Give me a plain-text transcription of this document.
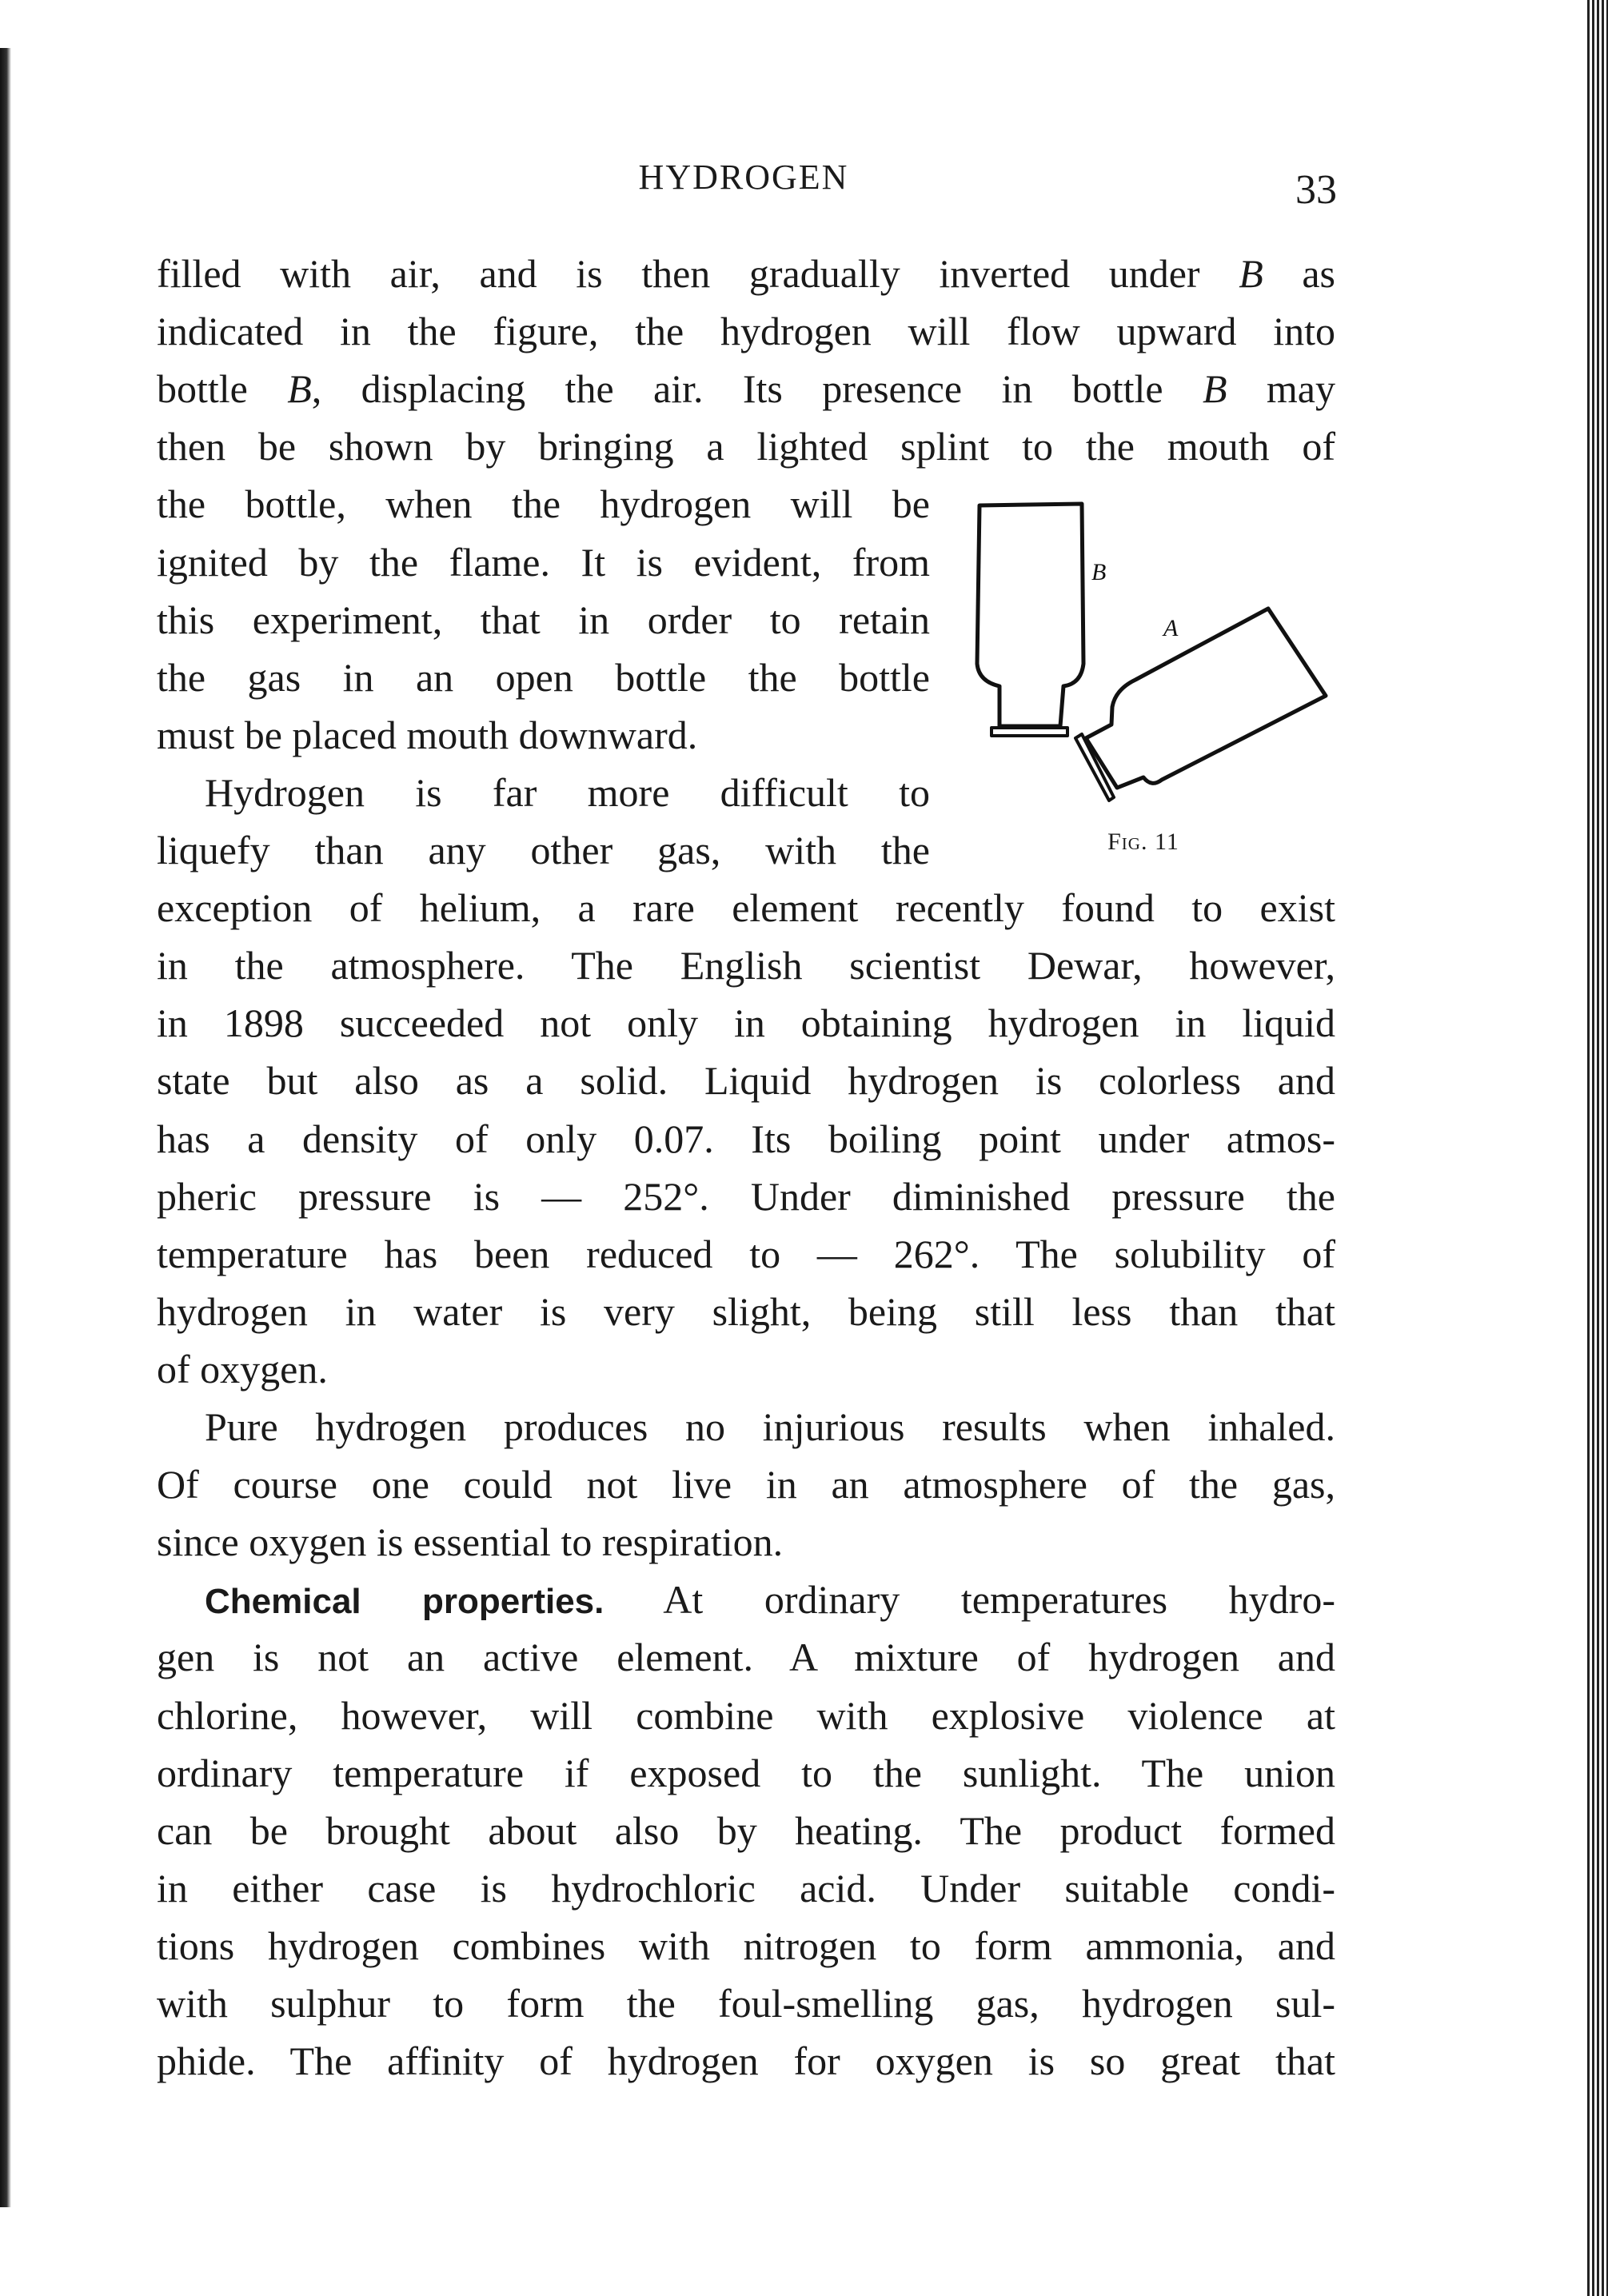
HYDROGEN	33
filled with air, and is then gradually inverted under B as
indicated in the figure, the hydrogen will flow upward into
bottle B, displacing the air. Its presence in bottle B may
then be shown by bringing a lighted splint to the mouth of
the bottle, when the hydrogen will be
ignited by the flame. It is evident, from
this experiment, that in order to retain
the gas in an open bottle the bottle
must be placed mouth downward.
Hydrogen is far more difficult to
liquefy than any other gas, with the
exception of helium, a rare element recently found to exist
in the atmosphere. The English scientist Dewar, however,
in 1898 succeeded not only in obtaining hydrogen in liquid
state but also as a solid. Liquid hydrogen is colorless and
has a density of only 0.07. Its boiling point under atmos-
pheric pressure is — 252°. Under diminished pressure the
temperature has been reduced to — 262°. The solubility of
hydrogen in water is very slight, being still less than that
of oxygen.
Pure hydrogen produces no injurious results when inhaled.
Of course one could not live in an atmosphere of the gas,
since oxygen is essential to respiration.
Chemical properties. At ordinary temperatures hydro-
gen is not an active element. A mixture of hydrogen and
chlorine, however, will combine with explosive violence at
ordinary temperature if exposed to the sunlight. The union
can be brought about also by heating. The product formed
in either case is hydrochloric acid. Under suitable condi-
tions hydrogen combines with nitrogen to form ammonia, and
with sulphur to form the foul-smelling gas, hydrogen sul-
phide. The affinity of hydrogen for oxygen is so great that
B
A
Fig. 11
